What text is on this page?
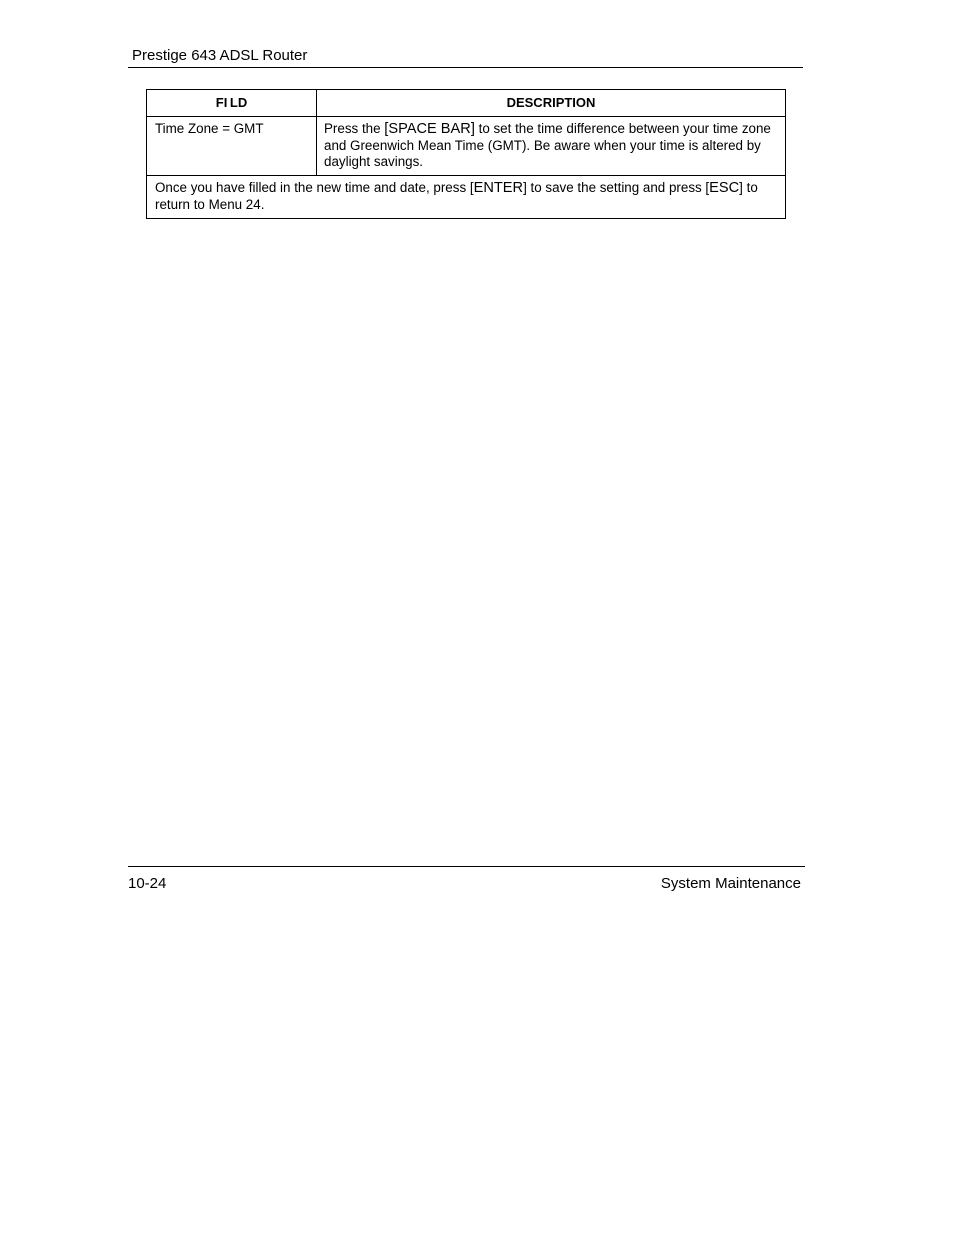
Prestige 643 ADSL Router
FI LD	DESCRIPTION
Time Zone = GMT	Press the [SPACE BAR] to set the time difference between your time zone and Greenwich Mean Time (GMT). Be aware when your time is altered by daylight savings.
Once you have filled in the new time and date, press [ENTER] to save the setting and press [ESC] to return to Menu 24.	
10-24	System Maintenance
